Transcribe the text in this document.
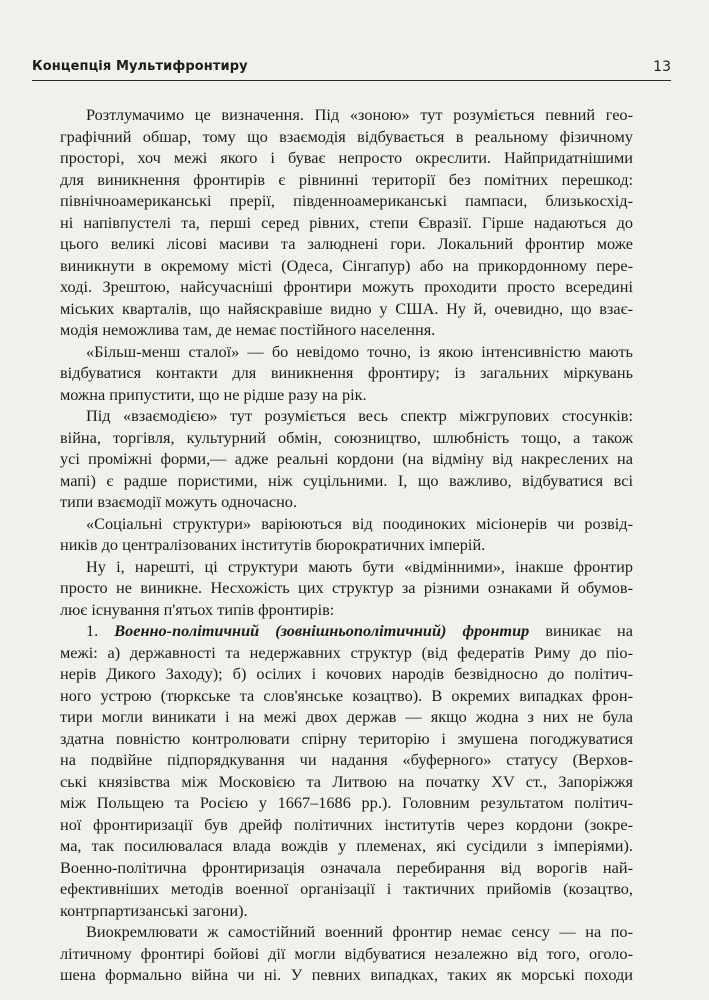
Концепція Мультифронтиру	13
Розтлумачимо це визначення. Під «зоною» тут розуміється певний гео-
графічний обшар, тому що взаємодія відбувається в реальному фізичному
просторі, хоч межі якого і буває непросто окреслити. Найпридатнішими
для виникнення фронтирів є рівнинні території без помітних перешкод:
північноамериканські прерії, південноамериканські пампаси, близькосхід-
ні напівпустелі та, перші серед рівних, степи Євразії. Гірше надаються до
цього великі лісові масиви та залюднені гори. Локальний фронтир може
виникнути в окремому місті (Одеса, Сінгапур) або на прикордонному пере-
ході. Зрештою, найсучасніші фронтири можуть проходити просто всередині
міських кварталів, що найяскравіше видно у США. Ну й, очевидно, що взає-
модія неможлива там, де немає постійного населення.
«Більш-менш сталої» — бо невідомо точно, із якою інтенсивністю мають
відбуватися контакти для виникнення фронтиру; із загальних міркувань
можна припустити, що не рідше разу на рік.
Під «взаємодією» тут розуміється весь спектр міжгрупових стосунків:
війна, торгівля, культурний обмін, союзництво, шлюбність тощо, а також
усі проміжні форми,— адже реальні кордони (на відміну від накреслених на
мапі) є радше пористими, ніж суцільними. І, що важливо, відбуватися всі
типи взаємодії можуть одночасно.
«Соціальні структури» варіюються від поодиноких місіонерів чи розвід-
ників до централізованих інститутів бюрократичних імперій.
Ну і, нарешті, ці структури мають бути «відмінними», інакше фронтир
просто не виникне. Несхожість цих структур за різними ознаками й обумов-
лює існування п'ятьох типів фронтирів:
1. Военно-політичний (зовнішньополітичний) фронтир виникає на
межі: а) державності та недержавних структур (від федератів Риму до пio-
нерів Дикого Заходу); б) осілих і кочових народів безвідносно до політич-
ного устрою (тюркське та слов'янське козацтво). В окремих випадках фрон-
тири могли виникати і на межі двох держав — якщо жодна з них не була
здатна повністю контролювати спірну територію і змушена погоджуватися
на подвійне підпорядкування чи надання «буферного» статусу (Верхов-
ські князівства між Московією та Литвою на початку XV ст., Запоріжжя
між Польщею та Росією у 1667–1686 рр.). Головним результатом політич-
ної фронтиризації був дрейф політичних інститутів через кордони (зокре-
ма, так посилювалася влада вождів у племенах, які сусідили з імперіями).
Военно-політична фронтиризація означала перебирання від ворогів най-
ефективніших методів военної організації і тактичних прийомів (козацтво,
контрпартизанські загони).
Виокремлювати ж самостійний военний фронтир немає сенсу — на по-
літичному фронтирі бойові дії могли відбуватися незалежно від того, оголо-
шена формально війна чи ні. У певних випадках, таких як морські походи
